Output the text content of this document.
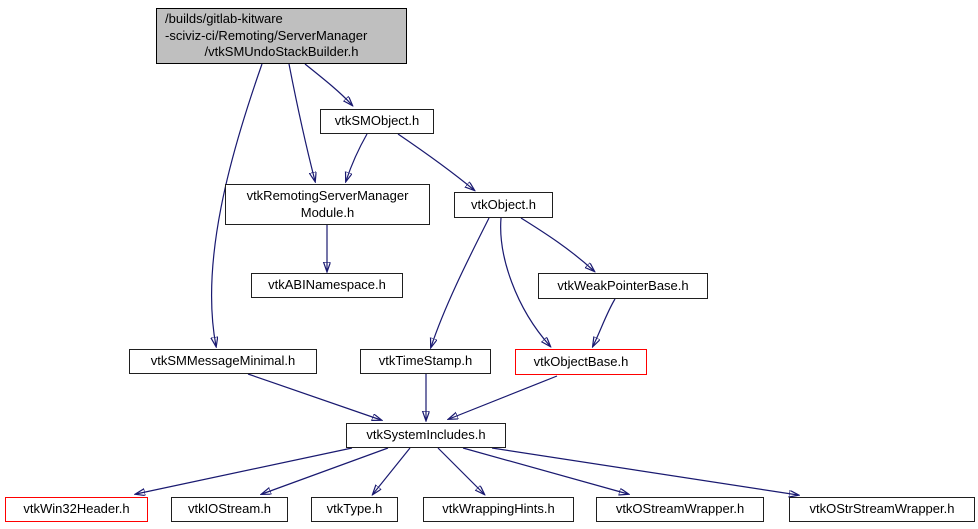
/builds/gitlab-kitware
-sciviz-ci/Remoting/ServerManager
/vtkSMUndoStackBuilder.h
vtkSMObject.h
vtkRemotingServerManager
Module.h
vtkObject.h
vtkABINamespace.h	vtkWeakPointerBase.h
vtkSMMessageMinimal.h	vtkTimeStamp.h	vtkObjectBase.h
vtkSystemIncludes.h
vtkWin32Header.h	vtkIOStream.h	vtkType.h	vtkWrappingHints.h	vtkOStreamWrapper.h	vtkOStrStreamWrapper.h
